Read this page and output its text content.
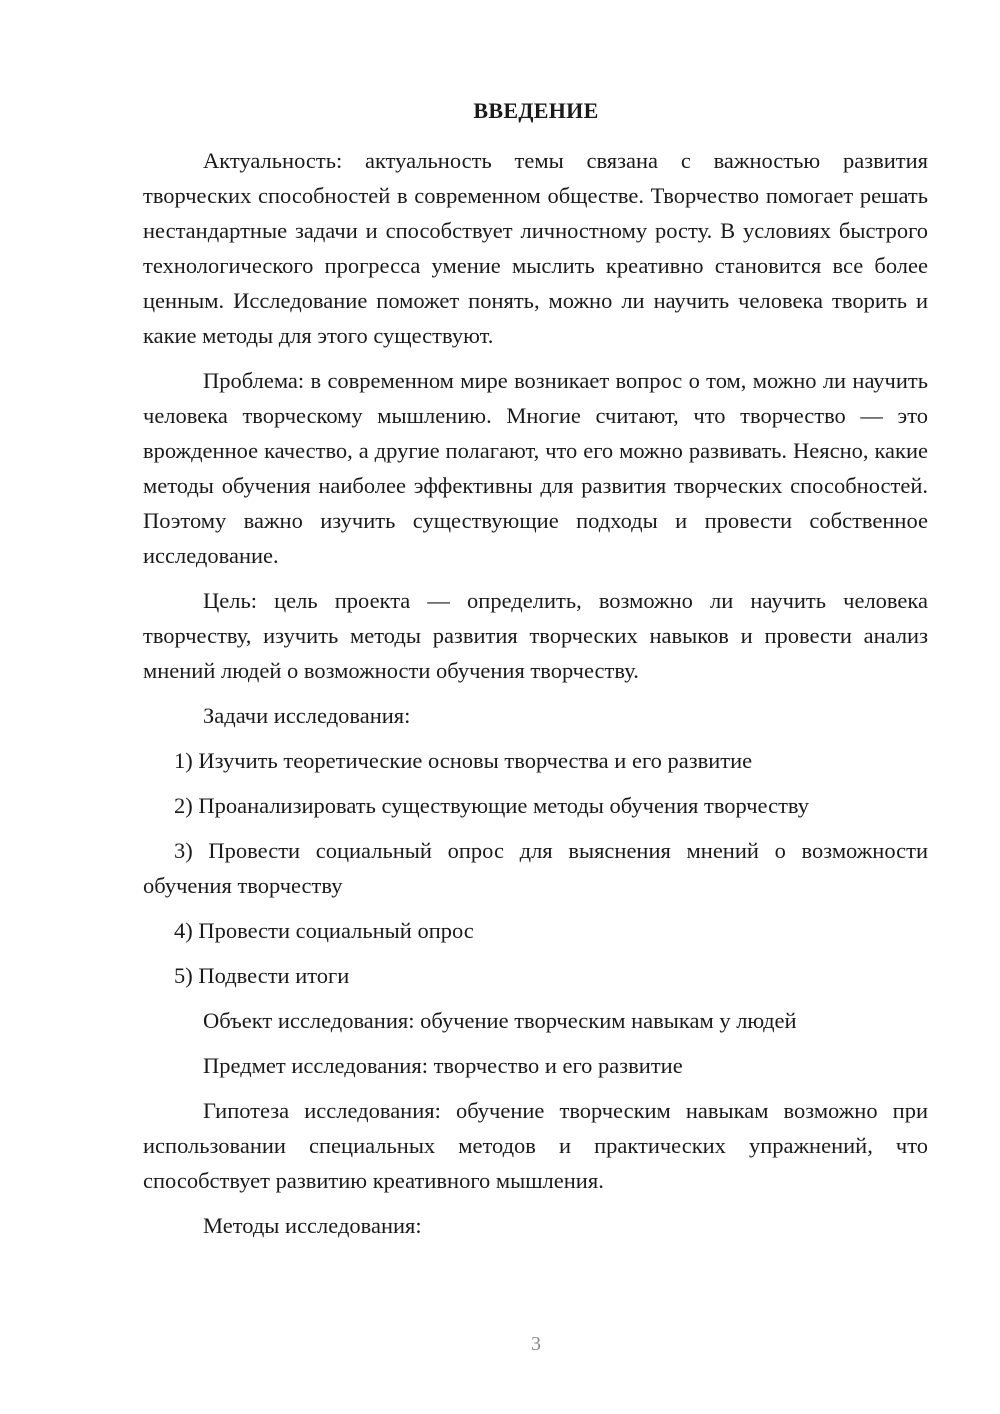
ВВЕДЕНИЕ

Актуальность: актуальность темы связана с важностью развития творческих способностей в современном обществе. Творчество помогает решать нестандартные задачи и способствует личностному росту. В условиях быстрого технологического прогресса умение мыслить креативно становится все более ценным. Исследование поможет понять, можно ли научить человека творить и какие методы для этого существуют.

Проблема: в современном мире возникает вопрос о том, можно ли научить человека творческому мышлению. Многие считают, что творчество — это врожденное качество, а другие полагают, что его можно развивать. Неясно, какие методы обучения наиболее эффективны для развития творческих способностей. Поэтому важно изучить существующие подходы и провести собственное исследование.

Цель: цель проекта — определить, возможно ли научить человека творчеству, изучить методы развития творческих навыков и провести анализ мнений людей о возможности обучения творчеству.

Задачи исследования:

1) Изучить теоретические основы творчества и его развитие

2) Проанализировать существующие методы обучения творчеству

3) Провести социальный опрос для выяснения мнений о возможности обучения творчеству

4) Провести социальный опрос

5) Подвести итоги

Объект исследования: обучение творческим навыкам у людей

Предмет исследования: творчество и его развитие

Гипотеза исследования: обучение творческим навыкам возможно при использовании специальных методов и практических упражнений, что способствует развитию креативного мышления.

Методы исследования:

3
